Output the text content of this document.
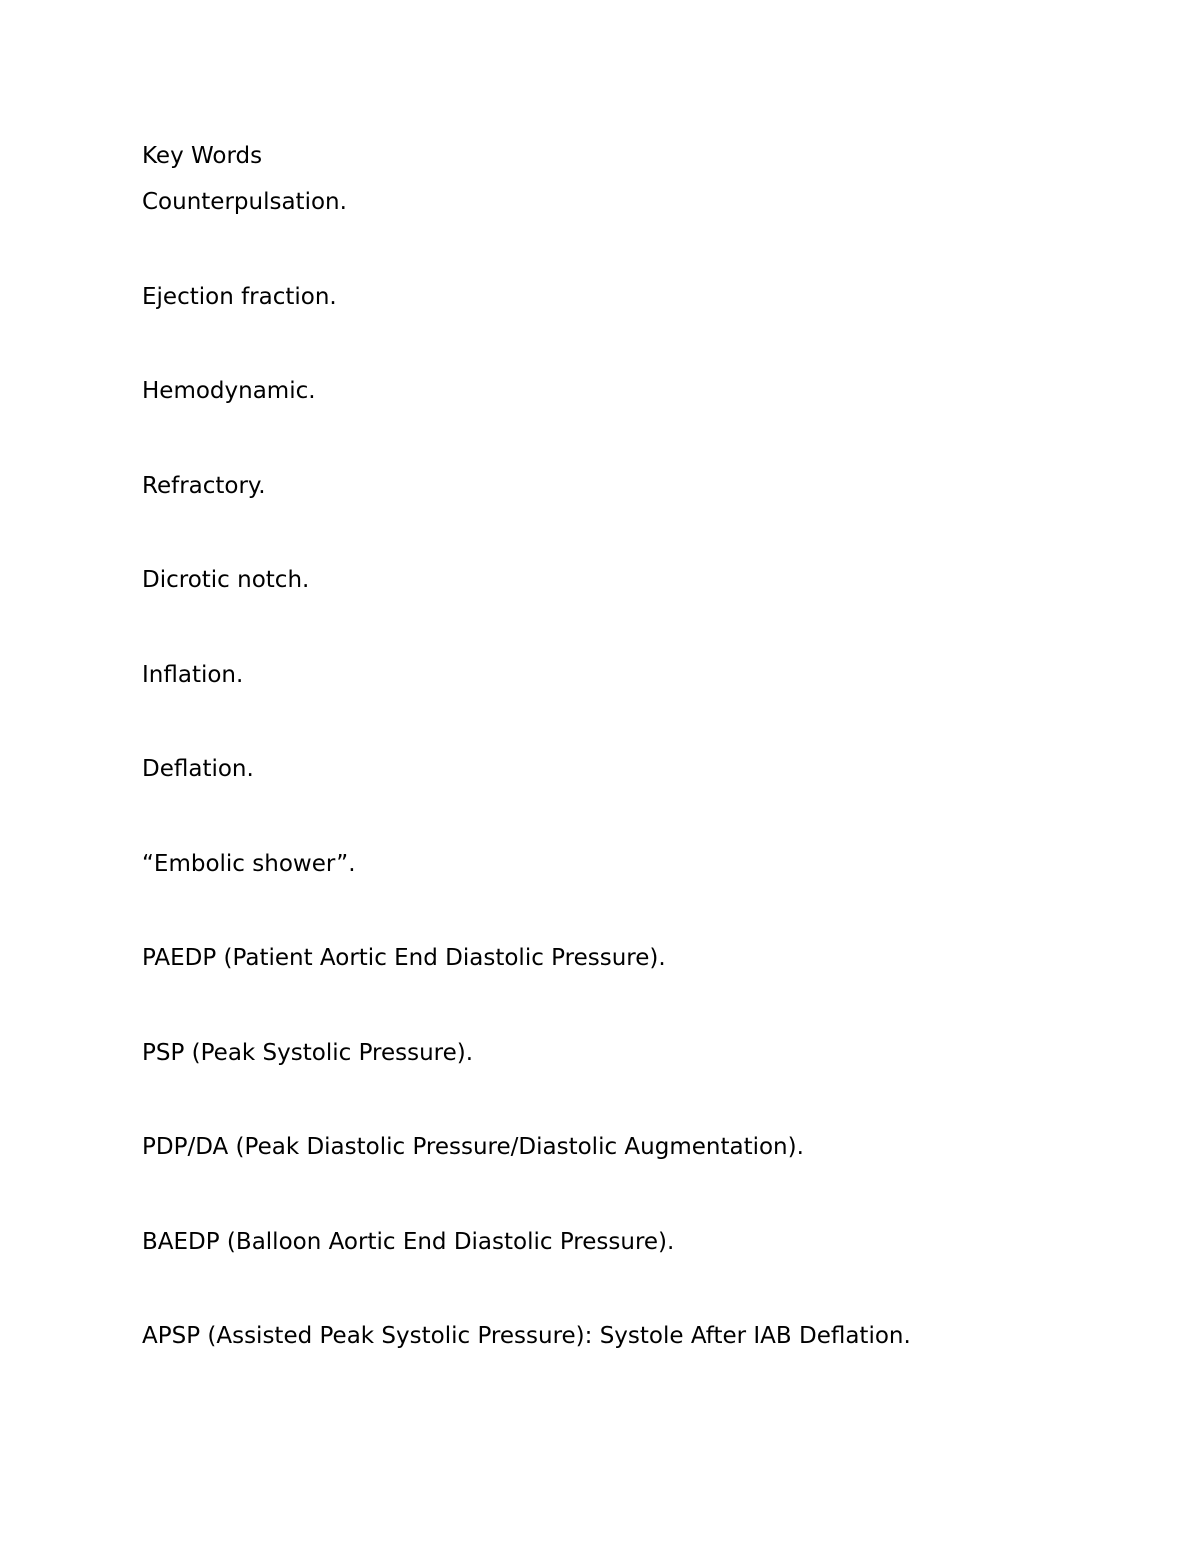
Key Words
Counterpulsation.
Ejection fraction.
Hemodynamic.
Refractory.
Dicrotic notch.
Inflation.
Deflation.
“Embolic shower”.
PAEDP (Patient Aortic End Diastolic Pressure).
PSP (Peak Systolic Pressure).
PDP/DA (Peak Diastolic Pressure/Diastolic Augmentation).
BAEDP (Balloon Aortic End Diastolic Pressure).
APSP (Assisted Peak Systolic Pressure): Systole After IAB Deflation.
